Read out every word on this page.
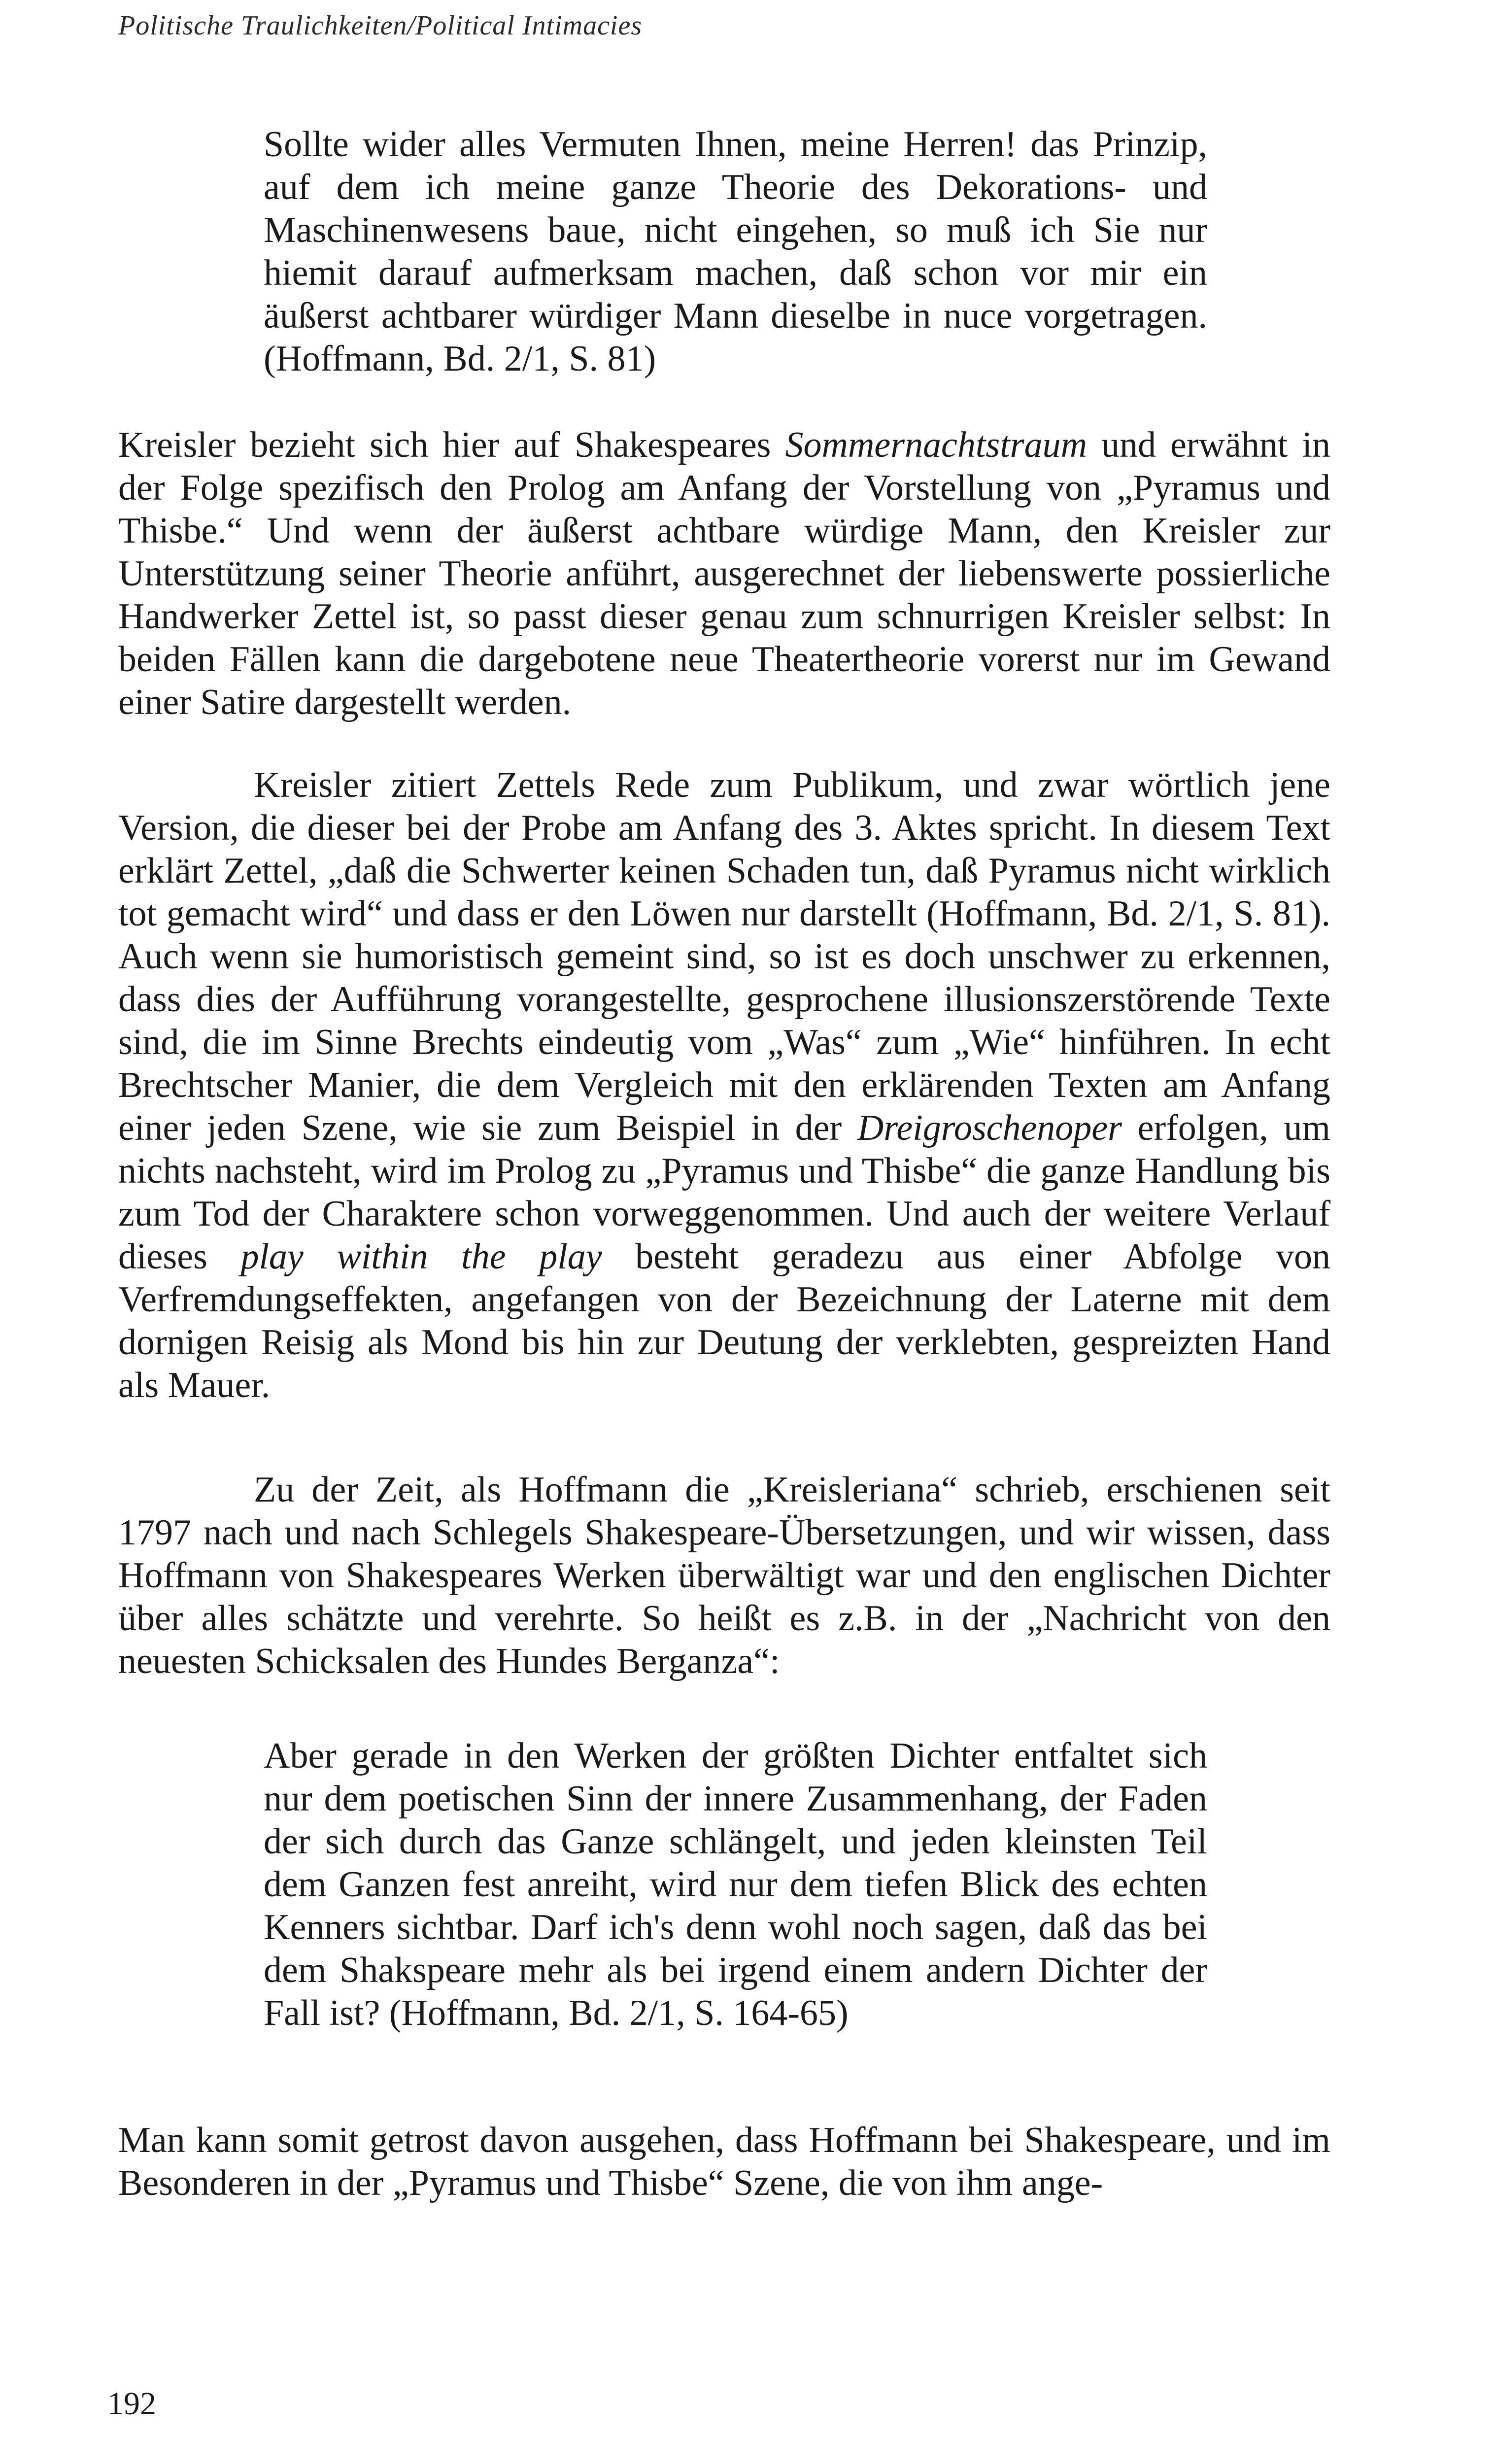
Politische Traulichkeiten/Political Intimacies

Sollte wider alles Vermuten Ihnen, meine Herren! das Prinzip, auf dem ich meine ganze Theorie des Dekorations- und Maschinenwesens baue, nicht eingehen, so muß ich Sie nur hiemit darauf aufmerksam machen, daß schon vor mir ein äußerst achtbarer würdiger Mann dieselbe in nuce vorgetragen. (Hoffmann, Bd. 2/1, S. 81)

Kreisler bezieht sich hier auf Shakespeares Sommernachtstraum und erwähnt in der Folge spezifisch den Prolog am Anfang der Vorstellung von „Pyramus und Thisbe.“ Und wenn der äußerst achtbare würdige Mann, den Kreisler zur Unterstützung seiner Theorie anführt, ausgerechnet der liebenswerte possierliche Handwerker Zettel ist, so passt dieser genau zum schnurrigen Kreisler selbst: In beiden Fällen kann die dargebotene neue Theatertheorie vorerst nur im Gewand einer Satire dargestellt werden.

Kreisler zitiert Zettels Rede zum Publikum, und zwar wörtlich jene Version, die dieser bei der Probe am Anfang des 3. Aktes spricht. In diesem Text erklärt Zettel, „daß die Schwerter keinen Schaden tun, daß Pyramus nicht wirklich tot gemacht wird“ und dass er den Löwen nur darstellt (Hoffmann, Bd. 2/1, S. 81). Auch wenn sie humoristisch gemeint sind, so ist es doch unschwer zu erkennen, dass dies der Aufführung vorangestellte, gesprochene illusionszerstörende Texte sind, die im Sinne Brechts eindeutig vom „Was“ zum „Wie“ hinführen. In echt Brechtscher Manier, die dem Vergleich mit den erklärenden Texten am Anfang einer jeden Szene, wie sie zum Beispiel in der Dreigroschenoper erfolgen, um nichts nachsteht, wird im Prolog zu „Pyramus und Thisbe“ die ganze Handlung bis zum Tod der Charaktere schon vorweggenommen. Und auch der weitere Verlauf dieses play within the play besteht geradezu aus einer Abfolge von Verfremdungseffekten, angefangen von der Bezeichnung der Laterne mit dem dornigen Reisig als Mond bis hin zur Deutung der verklebten, gespreizten Hand als Mauer.

Zu der Zeit, als Hoffmann die „Kreisleriana“ schrieb, erschienen seit 1797 nach und nach Schlegels Shakespeare-Übersetzungen, und wir wissen, dass Hoffmann von Shakespeares Werken überwältigt war und den englischen Dichter über alles schätzte und verehrte. So heißt es z.B. in der „Nachricht von den neuesten Schicksalen des Hundes Berganza“:

Aber gerade in den Werken der größten Dichter entfaltet sich nur dem poetischen Sinn der innere Zusammenhang, der Faden der sich durch das Ganze schlängelt, und jeden kleinsten Teil dem Ganzen fest anreiht, wird nur dem tiefen Blick des echten Kenners sichtbar. Darf ich's denn wohl noch sagen, daß das bei dem Shakspeare mehr als bei irgend einem andern Dichter der Fall ist? (Hoffmann, Bd. 2/1, S. 164-65)

Man kann somit getrost davon ausgehen, dass Hoffmann bei Shakespeare, und im Besonderen in der „Pyramus und Thisbe“ Szene, die von ihm ange-

192
